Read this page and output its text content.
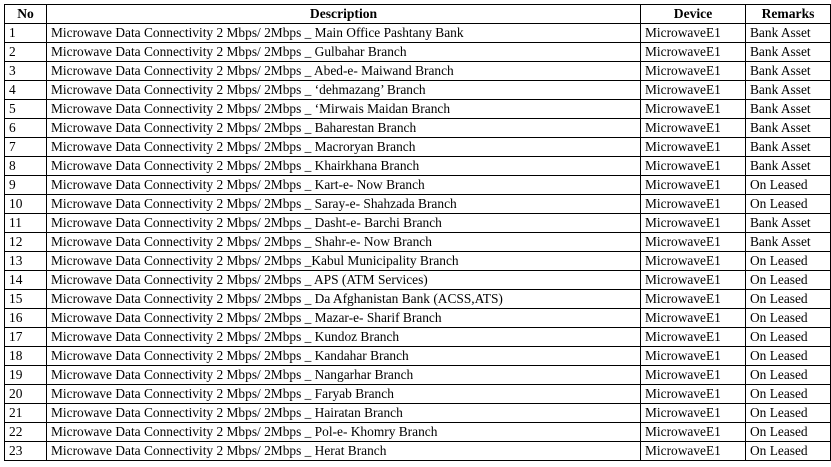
No	Description	Device	Remarks
1	Microwave Data Connectivity 2 Mbps/ 2Mbps _ Main Office Pashtany Bank	MicrowaveE1	Bank Asset
2	Microwave Data Connectivity 2 Mbps/ 2Mbps _ Gulbahar Branch	MicrowaveE1	Bank Asset
3	Microwave Data Connectivity 2 Mbps/ 2Mbps _ Abed-e- Maiwand Branch	MicrowaveE1	Bank Asset
4	Microwave Data Connectivity 2 Mbps/ 2Mbps _ ‘dehmazang’ Branch	MicrowaveE1	Bank Asset
5	Microwave Data Connectivity 2 Mbps/ 2Mbps _ ‘Mirwais Maidan Branch	MicrowaveE1	Bank Asset
6	Microwave Data Connectivity 2 Mbps/ 2Mbps _ Baharestan Branch	MicrowaveE1	Bank Asset
7	Microwave Data Connectivity 2 Mbps/ 2Mbps _ Macroryan Branch	MicrowaveE1	Bank Asset
8	Microwave Data Connectivity 2 Mbps/ 2Mbps _ Khairkhana Branch	MicrowaveE1	Bank Asset
9	Microwave Data Connectivity 2 Mbps/ 2Mbps _ Kart-e- Now Branch	MicrowaveE1	On Leased
10	Microwave Data Connectivity 2 Mbps/ 2Mbps _ Saray-e- Shahzada Branch	MicrowaveE1	On Leased
11	Microwave Data Connectivity 2 Mbps/ 2Mbps _ Dasht-e- Barchi Branch	MicrowaveE1	Bank Asset
12	Microwave Data Connectivity 2 Mbps/ 2Mbps _ Shahr-e- Now Branch	MicrowaveE1	Bank Asset
13	Microwave Data Connectivity 2 Mbps/ 2Mbps _Kabul Municipality Branch	MicrowaveE1	On Leased
14	Microwave Data Connectivity 2 Mbps/ 2Mbps _ APS (ATM Services)	MicrowaveE1	On Leased
15	Microwave Data Connectivity 2 Mbps/ 2Mbps _ Da Afghanistan Bank (ACSS,ATS)	MicrowaveE1	On Leased
16	Microwave Data Connectivity 2 Mbps/ 2Mbps _ Mazar-e- Sharif Branch	MicrowaveE1	On Leased
17	Microwave Data Connectivity 2 Mbps/ 2Mbps _ Kundoz Branch	MicrowaveE1	On Leased
18	Microwave Data Connectivity 2 Mbps/ 2Mbps _ Kandahar Branch	MicrowaveE1	On Leased
19	Microwave Data Connectivity 2 Mbps/ 2Mbps _ Nangarhar Branch	MicrowaveE1	On Leased
20	Microwave Data Connectivity 2 Mbps/ 2Mbps _ Faryab Branch	MicrowaveE1	On Leased
21	Microwave Data Connectivity 2 Mbps/ 2Mbps _ Hairatan Branch	MicrowaveE1	On Leased
22	Microwave Data Connectivity 2 Mbps/ 2Mbps _ Pol-e- Khomry Branch	MicrowaveE1	On Leased
23	Microwave Data Connectivity 2 Mbps/ 2Mbps _ Herat Branch	MicrowaveE1	On Leased
